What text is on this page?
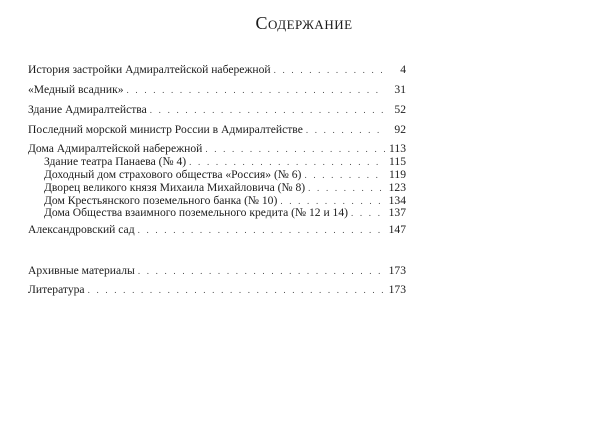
Содержание
История застройки Адмиралтейской набережной . . .	4
«Медный всадник» . . .	31
Здание Адмиралтейства . . .	52
Последний морской министр России в Адмиралтействе . . .	92
Дома Адмиралтейской набережной . . .	113
Здание театра Панаева (№ 4) . . .	115
Доходный дом страхового общества «Россия» (№ 6) . . .	119
Дворец великого князя Михаила Михайловича (№ 8) . . .	123
Дом Крестьянского поземельного банка (№ 10) . . .	134
Дома Общества взаимного поземельного кредита (№ 12 и 14) . . .	137
Александровский сад . . .	147
Архивные материалы . . .	173
Литература . . .	173
